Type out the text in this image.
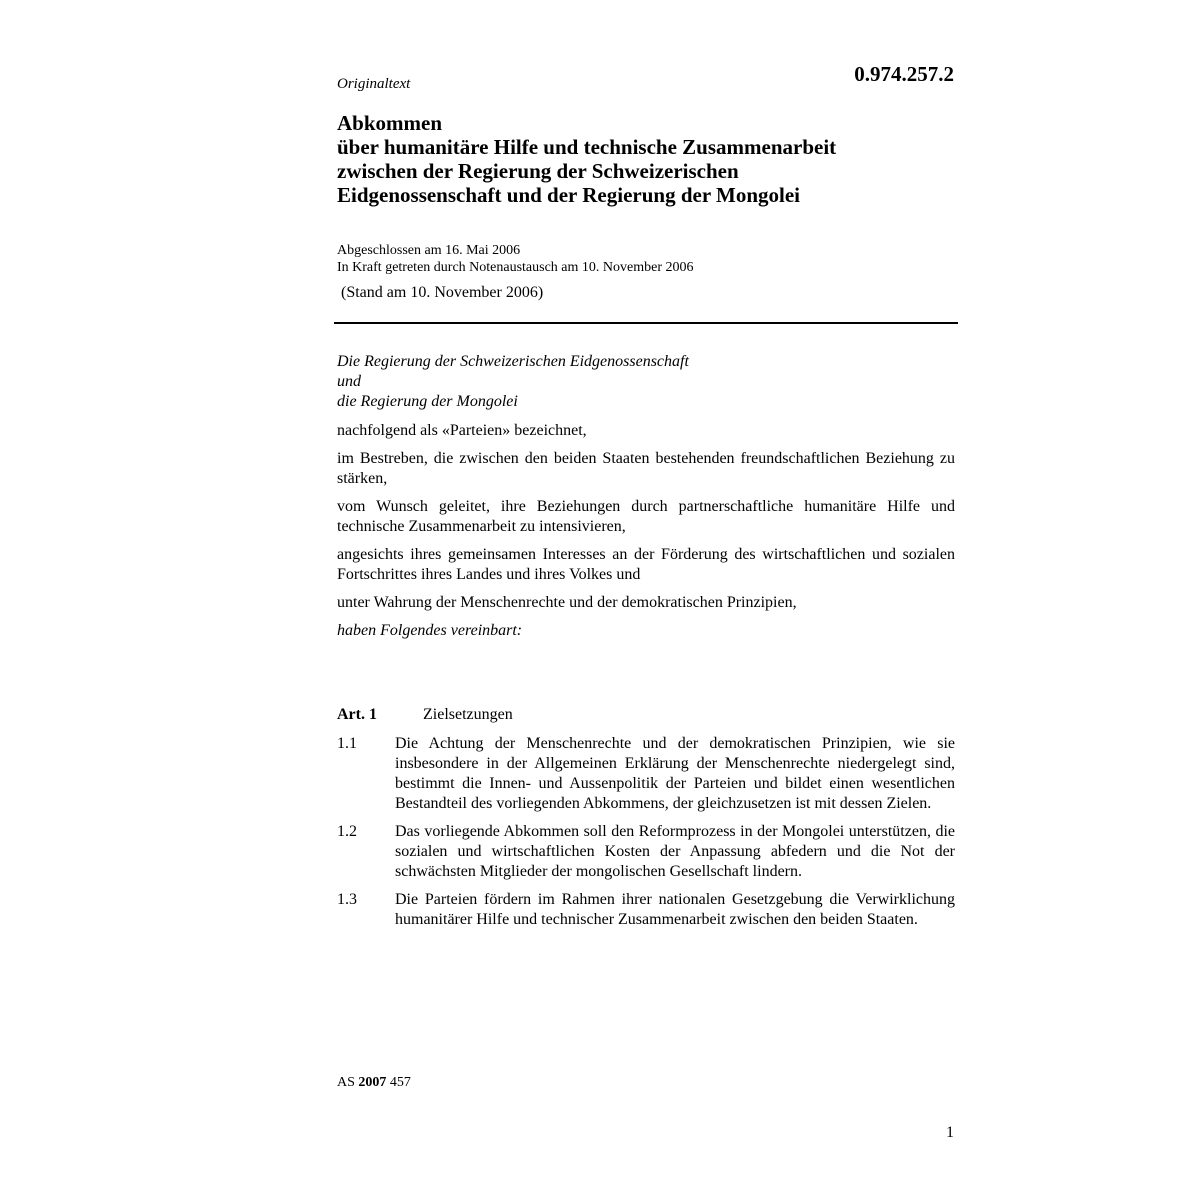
Originaltext	0.974.257.2
Abkommen
über humanitäre Hilfe und technische Zusammenarbeit
zwischen der Regierung der Schweizerischen
Eidgenossenschaft und der Regierung der Mongolei
Abgeschlossen am 16. Mai 2006
In Kraft getreten durch Notenaustausch am 10. November 2006
(Stand am 10. November 2006)
Die Regierung der Schweizerischen Eidgenossenschaft
und
die Regierung der Mongolei

nachfolgend als «Parteien» bezeichnet,

im Bestreben, die zwischen den beiden Staaten bestehenden freundschaftlichen Beziehung zu stärken,

vom Wunsch geleitet, ihre Beziehungen durch partnerschaftliche humanitäre Hilfe und technische Zusammenarbeit zu intensivieren,

angesichts ihres gemeinsamen Interesses an der Förderung des wirtschaftlichen und sozialen Fortschrittes ihres Landes und ihres Volkes und

unter Wahrung der Menschenrechte und der demokratischen Prinzipien,

haben Folgendes vereinbart:

Art. 1	Zielsetzungen
1.1	Die Achtung der Menschenrechte und der demokratischen Prinzipien, wie sie insbesondere in der Allgemeinen Erklärung der Menschenrechte niedergelegt sind, bestimmt die Innen- und Aussenpolitik der Parteien und bildet einen wesentlichen Bestandteil des vorliegenden Abkommens, der gleichzusetzen ist mit dessen Zielen.
1.2	Das vorliegende Abkommen soll den Reformprozess in der Mongolei unterstützen, die sozialen und wirtschaftlichen Kosten der Anpassung abfedern und die Not der schwächsten Mitglieder der mongolischen Gesellschaft lindern.
1.3	Die Parteien fördern im Rahmen ihrer nationalen Gesetzgebung die Verwirklichung humanitärer Hilfe und technischer Zusammenarbeit zwischen den beiden Staaten.
AS 2007 457
1
